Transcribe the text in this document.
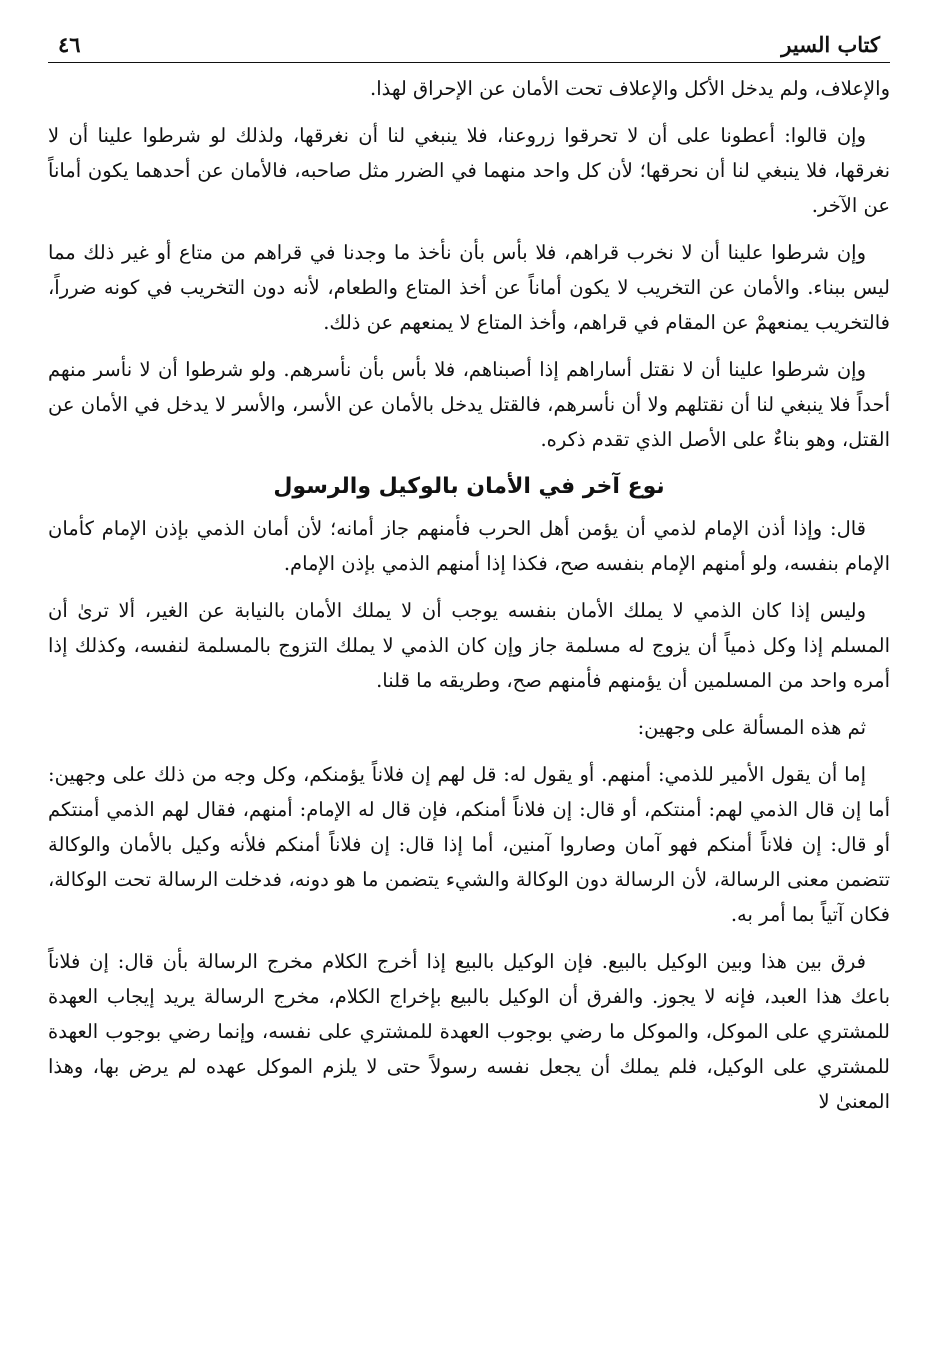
كتاب السير
٤٦

والإعلاف، ولم يدخل الأكل والإعلاف تحت الأمان عن الإحراق لهذا.

وإن قالوا: أعطونا على أن لا تحرقوا زروعنا، فلا ينبغي لنا أن نغرقها، ولذلك لو شرطوا علينا أن لا نغرقها، فلا ينبغي لنا أن نحرقها؛ لأن كل واحد منهما في الضرر مثل صاحبه، فالأمان عن أحدهما يكون أماناً عن الآخر.

وإن شرطوا علينا أن لا نخرب قراهم، فلا بأس بأن نأخذ ما وجدنا في قراهم من متاع أو غير ذلك مما ليس ببناء. والأمان عن التخريب لا يكون أماناً عن أخذ المتاع والطعام، لأنه دون التخريب في كونه ضرراً، فالتخريب يمنعهمْ عن المقام في قراهم، وأخذ المتاع لا يمنعهم عن ذلك.

وإن شرطوا علينا أن لا نقتل أساراهم إذا أصبناهم، فلا بأس بأن نأسرهم. ولو شرطوا أن لا نأسر منهم أحداً فلا ينبغي لنا أن نقتلهم ولا أن نأسرهم، فالقتل يدخل بالأمان عن الأسر، والأسر لا يدخل في الأمان عن القتل، وهو بناءٌ على الأصل الذي تقدم ذكره.

نوع آخر في الأمان بالوكيل والرسول

قال: وإذا أذن الإمام لذمي أن يؤمن أهل الحرب فأمنهم جاز أمانه؛ لأن أمان الذمي بإذن الإمام كأمان الإمام بنفسه، ولو أمنهم الإمام بنفسه صح، فكذا إذا أمنهم الذمي بإذن الإمام.

وليس إذا كان الذمي لا يملك الأمان بنفسه يوجب أن لا يملك الأمان بالنيابة عن الغير، ألا ترىٰ أن المسلم إذا وكل ذمياً أن يزوج له مسلمة جاز وإن كان الذمي لا يملك التزوج بالمسلمة لنفسه، وكذلك إذا أمره واحد من المسلمين أن يؤمنهم فأمنهم صح، وطريقه ما قلنا.

ثم هذه المسألة على وجهين:

إما أن يقول الأمير للذمي: أمنهم. أو يقول له: قل لهم إن فلاناً يؤمنكم، وكل وجه من ذلك على وجهين: أما إن قال الذمي لهم: أمنتكم، أو قال: إن فلاناً أمنكم، فإن قال له الإمام: أمنهم، فقال لهم الذمي أمنتكم أو قال: إن فلاناً أمنكم فهو آمان وصاروا آمنين، أما إذا قال: إن فلاناً أمنكم فلأنه وكيل بالأمان والوكالة تتضمن معنى الرسالة، لأن الرسالة دون الوكالة والشيء يتضمن ما هو دونه، فدخلت الرسالة تحت الوكالة، فكان آتياً بما أمر به.

فرق بين هذا وبين الوكيل بالبيع. فإن الوكيل بالبيع إذا أخرج الكلام مخرج الرسالة بأن قال: إن فلاناً باعك هذا العبد، فإنه لا يجوز. والفرق أن الوكيل بالبيع بإخراج الكلام، مخرج الرسالة يريد إيجاب العهدة للمشتري على الموكل، والموكل ما رضي بوجوب العهدة للمشتري على نفسه، وإنما رضي بوجوب العهدة للمشتري على الوكيل، فلم يملك أن يجعل نفسه رسولاً حتى لا يلزم الموكل عهده لم يرض بها، وهذا المعنىٰ لا
